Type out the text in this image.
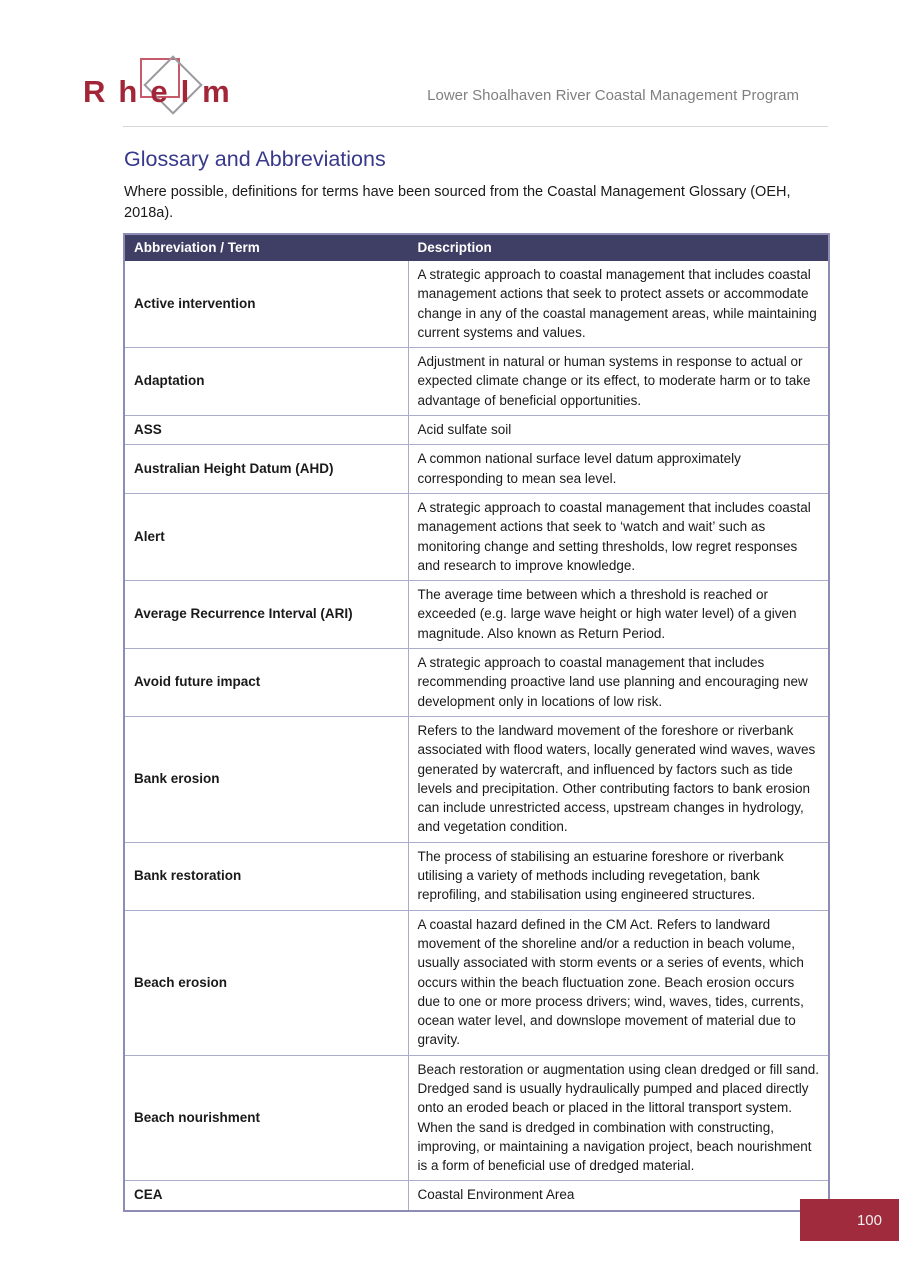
Rhelm	Lower Shoalhaven River Coastal Management Program
Glossary and Abbreviations
Where possible, definitions for terms have been sourced from the Coastal Management Glossary (OEH, 2018a).
Abbreviation / Term	Description
Active intervention	A strategic approach to coastal management that includes coastal management actions that seek to protect assets or accommodate change in any of the coastal management areas, while maintaining current systems and values.
Adaptation	Adjustment in natural or human systems in response to actual or expected climate change or its effect, to moderate harm or to take advantage of beneficial opportunities.
ASS	Acid sulfate soil
Australian Height Datum (AHD)	A common national surface level datum approximately corresponding to mean sea level.
Alert	A strategic approach to coastal management that includes coastal management actions that seek to ‘watch and wait’ such as monitoring change and setting thresholds, low regret responses and research to improve knowledge.
Average Recurrence Interval (ARI)	The average time between which a threshold is reached or exceeded (e.g. large wave height or high water level) of a given magnitude. Also known as Return Period.
Avoid future impact	A strategic approach to coastal management that includes recommending proactive land use planning and encouraging new development only in locations of low risk.
Bank erosion	Refers to the landward movement of the foreshore or riverbank associated with flood waters, locally generated wind waves, waves generated by watercraft, and influenced by factors such as tide levels and precipitation. Other contributing factors to bank erosion can include unrestricted access, upstream changes in hydrology, and vegetation condition.
Bank restoration	The process of stabilising an estuarine foreshore or riverbank utilising a variety of methods including revegetation, bank reprofiling, and stabilisation using engineered structures.
Beach erosion	A coastal hazard defined in the CM Act. Refers to landward movement of the shoreline and/or a reduction in beach volume, usually associated with storm events or a series of events, which occurs within the beach fluctuation zone. Beach erosion occurs due to one or more process drivers; wind, waves, tides, currents, ocean water level, and downslope movement of material due to gravity.
Beach nourishment	Beach restoration or augmentation using clean dredged or fill sand. Dredged sand is usually hydraulically pumped and placed directly onto an eroded beach or placed in the littoral transport system. When the sand is dredged in combination with constructing, improving, or maintaining a navigation project, beach nourishment is a form of beneficial use of dredged material.
CEA	Coastal Environment Area
100
